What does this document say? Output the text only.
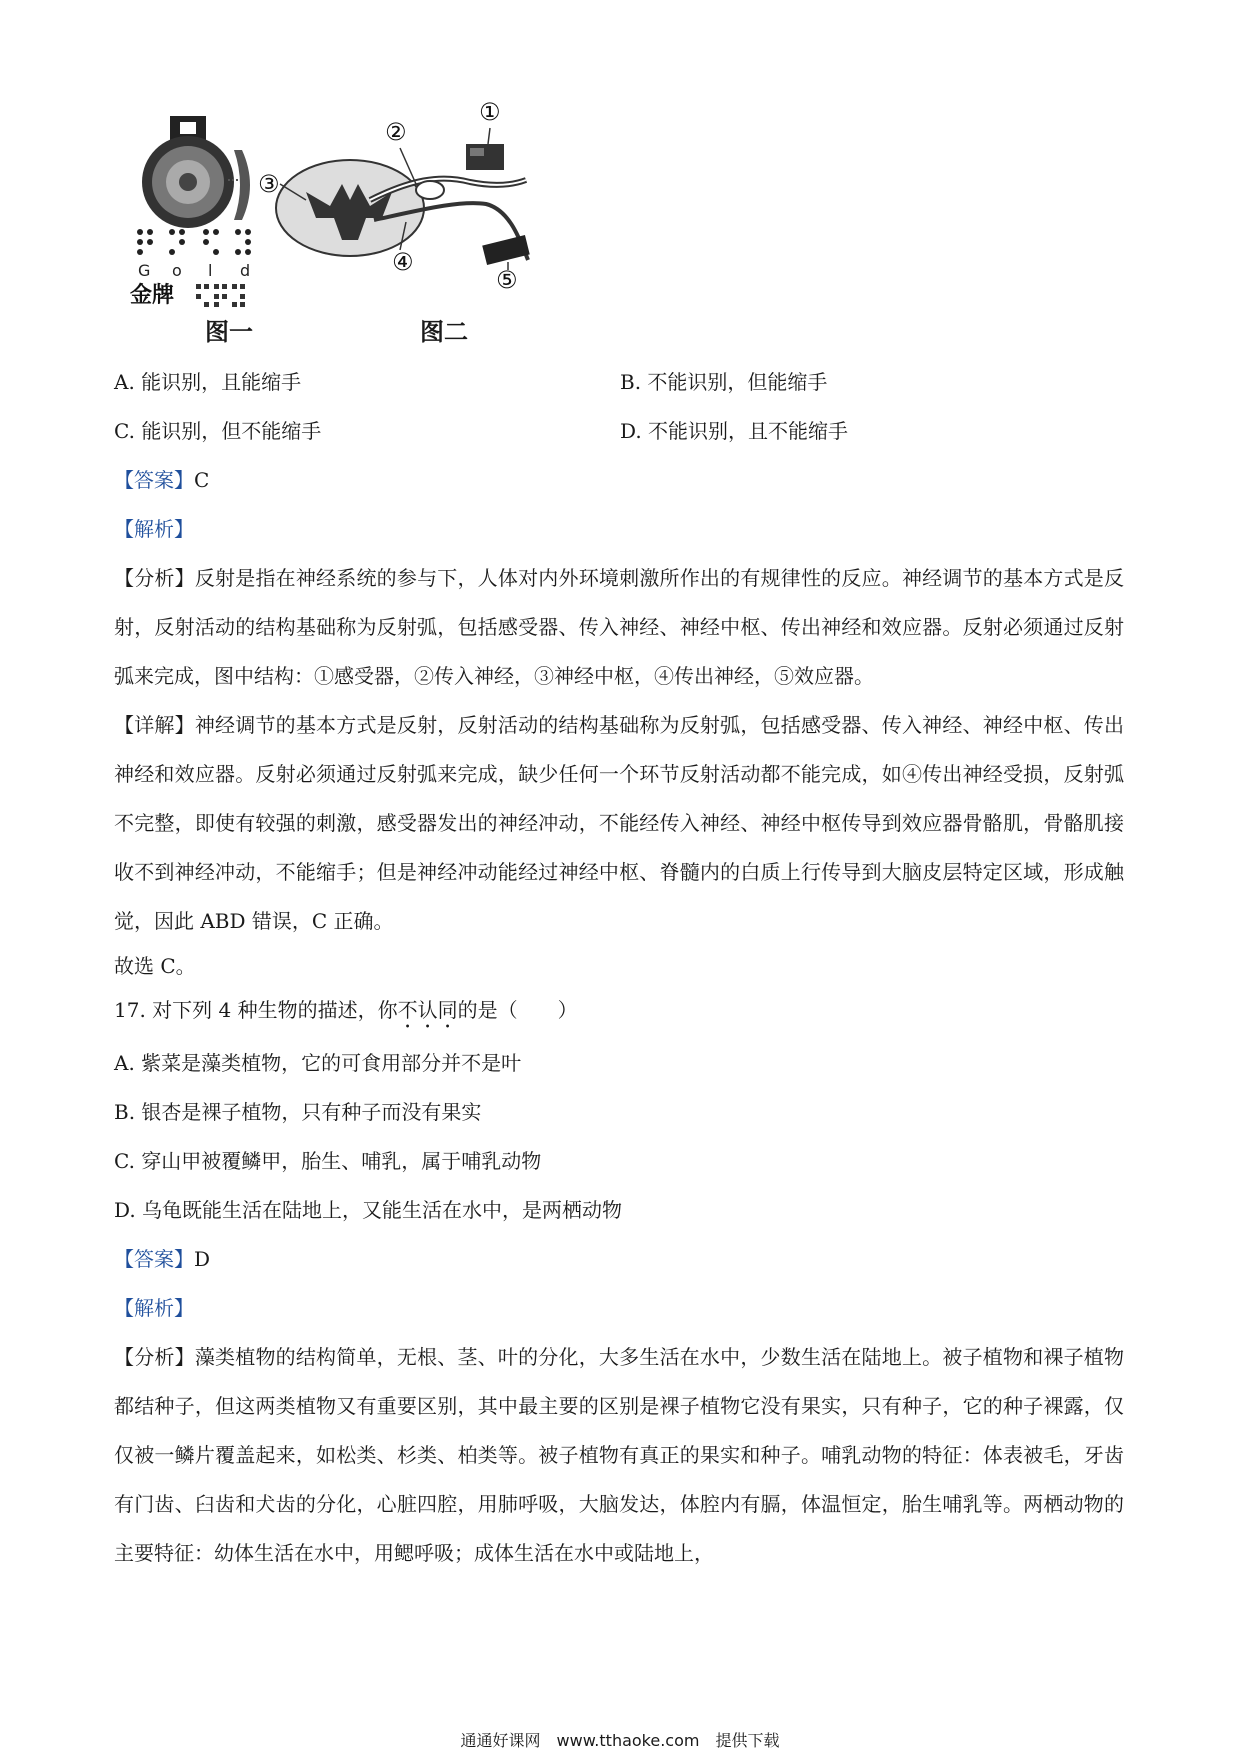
G o l d
金牌
①
②
③
④
⑤
图一	图二
A. 能识别，且能缩手	B. 不能识别，但能缩手
C. 能识别，但不能缩手	D. 不能识别，且不能缩手
【答案】C
【解析】
【分析】反射是指在神经系统的参与下，人体对内外环境刺激所作出的有规律性的反应。神经调节的基本方式是反射，反射活动的结构基础称为反射弧，包括感受器、传入神经、神经中枢、传出神经和效应器。反射必须通过反射弧来完成，图中结构：①感受器，②传入神经，③神经中枢，④传出神经，⑤效应器。
【详解】神经调节的基本方式是反射，反射活动的结构基础称为反射弧，包括感受器、传入神经、神经中枢、传出神经和效应器。反射必须通过反射弧来完成，缺少任何一个环节反射活动都不能完成，如④传出神经受损，反射弧不完整，即使有较强的刺激，感受器发出的神经冲动，不能经传入神经、神经中枢传导到效应器骨骼肌，骨骼肌接收不到神经冲动，不能缩手；但是神经冲动能经过神经中枢、脊髓内的白质上行传导到大脑皮层特定区域，形成触觉，因此 ABD 错误，C 正确。
故选 C。
17. 对下列 4 种生物的描述，你不认同的是（　　）
A. 紫菜是藻类植物，它的可食用部分并不是叶
B. 银杏是裸子植物，只有种子而没有果实
C. 穿山甲被覆鳞甲，胎生、哺乳，属于哺乳动物
D. 乌龟既能生活在陆地上，又能生活在水中，是两栖动物
【答案】D
【解析】
【分析】藻类植物的结构简单，无根、茎、叶的分化，大多生活在水中，少数生活在陆地上。被子植物和裸子植物都结种子，但这两类植物又有重要区别，其中最主要的区别是裸子植物它没有果实，只有种子，它的种子裸露，仅仅被一鳞片覆盖起来，如松类、杉类、柏类等。被子植物有真正的果实和种子。哺乳动物的特征：体表被毛，牙齿有门齿、臼齿和犬齿的分化，心脏四腔，用肺呼吸，大脑发达，体腔内有膈，体温恒定，胎生哺乳等。两栖动物的主要特征：幼体生活在水中，用鳃呼吸；成体生活在水中或陆地上，
通通好课网　www.tthaoke.com　提供下载
